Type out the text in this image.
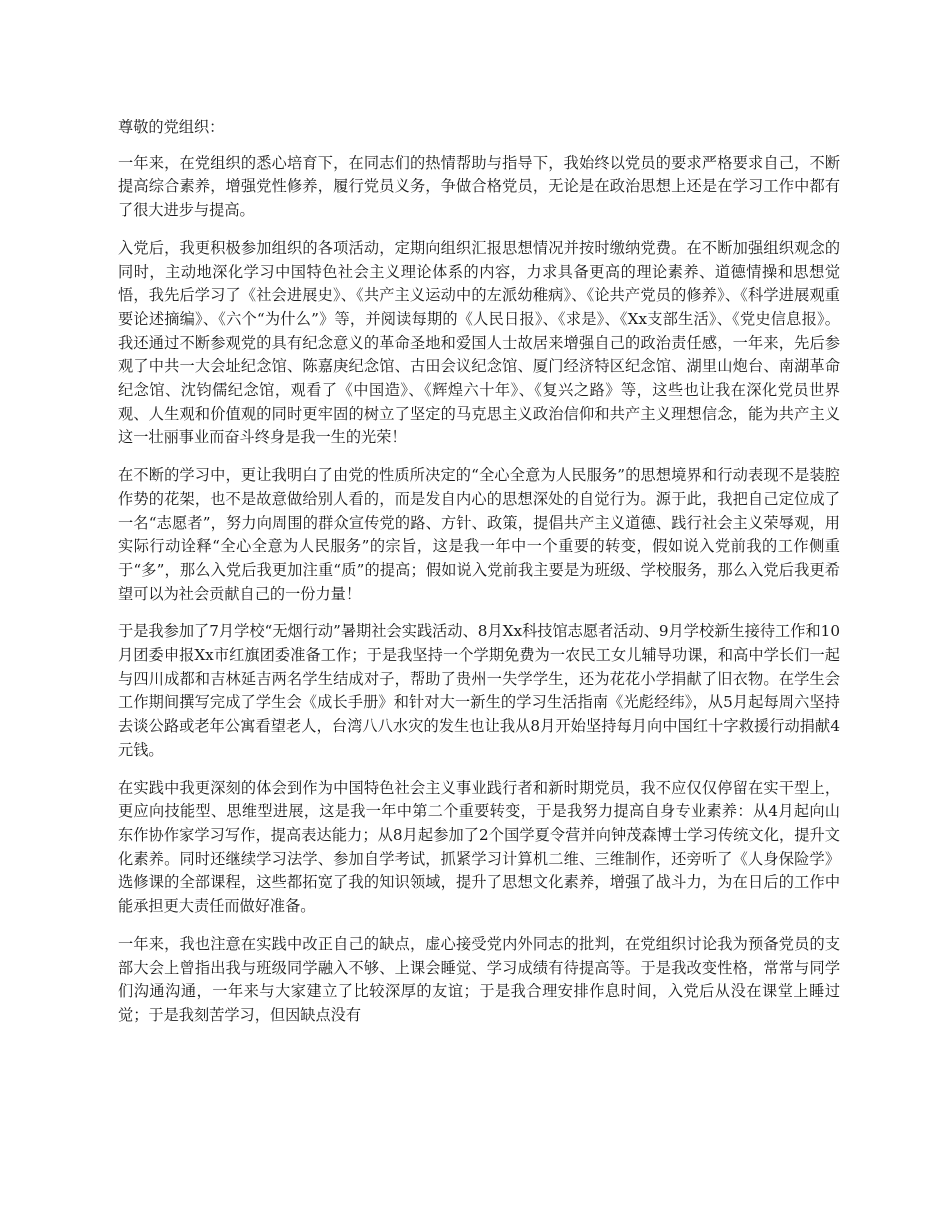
尊敬的党组织：

一年来，在党组织的悉心培育下，在同志们的热情帮助与指导下，我始终以党员的要求严格要求自己，不断提高综合素养，增强党性修养，履行党员义务，争做合格党员，无论是在政治思想上还是在学习工作中都有了很大进步与提高。

入党后，我更积极参加组织的各项活动，定期向组织汇报思想情况并按时缴纳党费。在不断加强组织观念的同时，主动地深化学习中国特色社会主义理论体系的内容，力求具备更高的理论素养、道德情操和思想觉悟，我先后学习了《社会进展史》、《共产主义运动中的左派幼稚病》、《论共产党员的修养》、《科学进展观重要论述摘编》、《六个“为什么”》等，并阅读每期的《人民日报》、《求是》、《Xx支部生活》、《党史信息报》。我还通过不断参观党的具有纪念意义的革命圣地和爱国人士故居来增强自己的政治责任感，一年来，先后参观了中共一大会址纪念馆、陈嘉庚纪念馆、古田会议纪念馆、厦门经济特区纪念馆、湖里山炮台、南湖革命纪念馆、沈钧儒纪念馆，观看了《中国造》、《辉煌六十年》、《复兴之路》等，这些也让我在深化党员世界观、人生观和价值观的同时更牢固的树立了坚定的马克思主义政治信仰和共产主义理想信念，能为共产主义这一壮丽事业而奋斗终身是我一生的光荣！

在不断的学习中，更让我明白了由党的性质所决定的“全心全意为人民服务”的思想境界和行动表现不是装腔作势的花架，也不是故意做给别人看的，而是发自内心的思想深处的自觉行为。源于此，我把自己定位成了一名“志愿者”，努力向周围的群众宣传党的路、方针、政策，提倡共产主义道德、践行社会主义荣辱观，用实际行动诠释“全心全意为人民服务”的宗旨，这是我一年中一个重要的转变，假如说入党前我的工作侧重于“多”，那么入党后我更加注重“质”的提高；假如说入党前我主要是为班级、学校服务，那么入党后我更希望可以为社会贡献自己的一份力量！

于是我参加了7月学校“无烟行动”暑期社会实践活动、8月Xx科技馆志愿者活动、9月学校新生接待工作和10月团委申报Xx市红旗团委准备工作；于是我坚持一个学期免费为一农民工女儿辅导功课，和高中学长们一起与四川成都和吉林延吉两名学生结成对子，帮助了贵州一失学学生，还为花花小学捐献了旧衣物。在学生会工作期间撰写完成了学生会《成长手册》和针对大一新生的学习生活指南《光彪经纬》，从5月起每周六坚持去谈公路或老年公寓看望老人，台湾八八水灾的发生也让我从8月开始坚持每月向中国红十字救援行动捐献4元钱。

在实践中我更深刻的体会到作为中国特色社会主义事业践行者和新时期党员，我不应仅仅停留在实干型上，更应向技能型、思维型进展，这是我一年中第二个重要转变，于是我努力提高自身专业素养：从4月起向山东作协作家学习写作，提高表达能力；从8月起参加了2个国学夏令营并向钟茂森博士学习传统文化，提升文化素养。同时还继续学习法学、参加自学考试，抓紧学习计算机二维、三维制作，还旁听了《人身保险学》选修课的全部课程，这些都拓宽了我的知识领域，提升了思想文化素养，增强了战斗力，为在日后的工作中能承担更大责任而做好准备。

一年来，我也注意在实践中改正自己的缺点，虚心接受党内外同志的批判，在党组织讨论我为预备党员的支部大会上曾指出我与班级同学融入不够、上课会睡觉、学习成绩有待提高等。于是我改变性格，常常与同学们沟通沟通，一年来与大家建立了比较深厚的友谊；于是我合理安排作息时间，入党后从没在课堂上睡过觉；于是我刻苦学习，但因缺点没有
